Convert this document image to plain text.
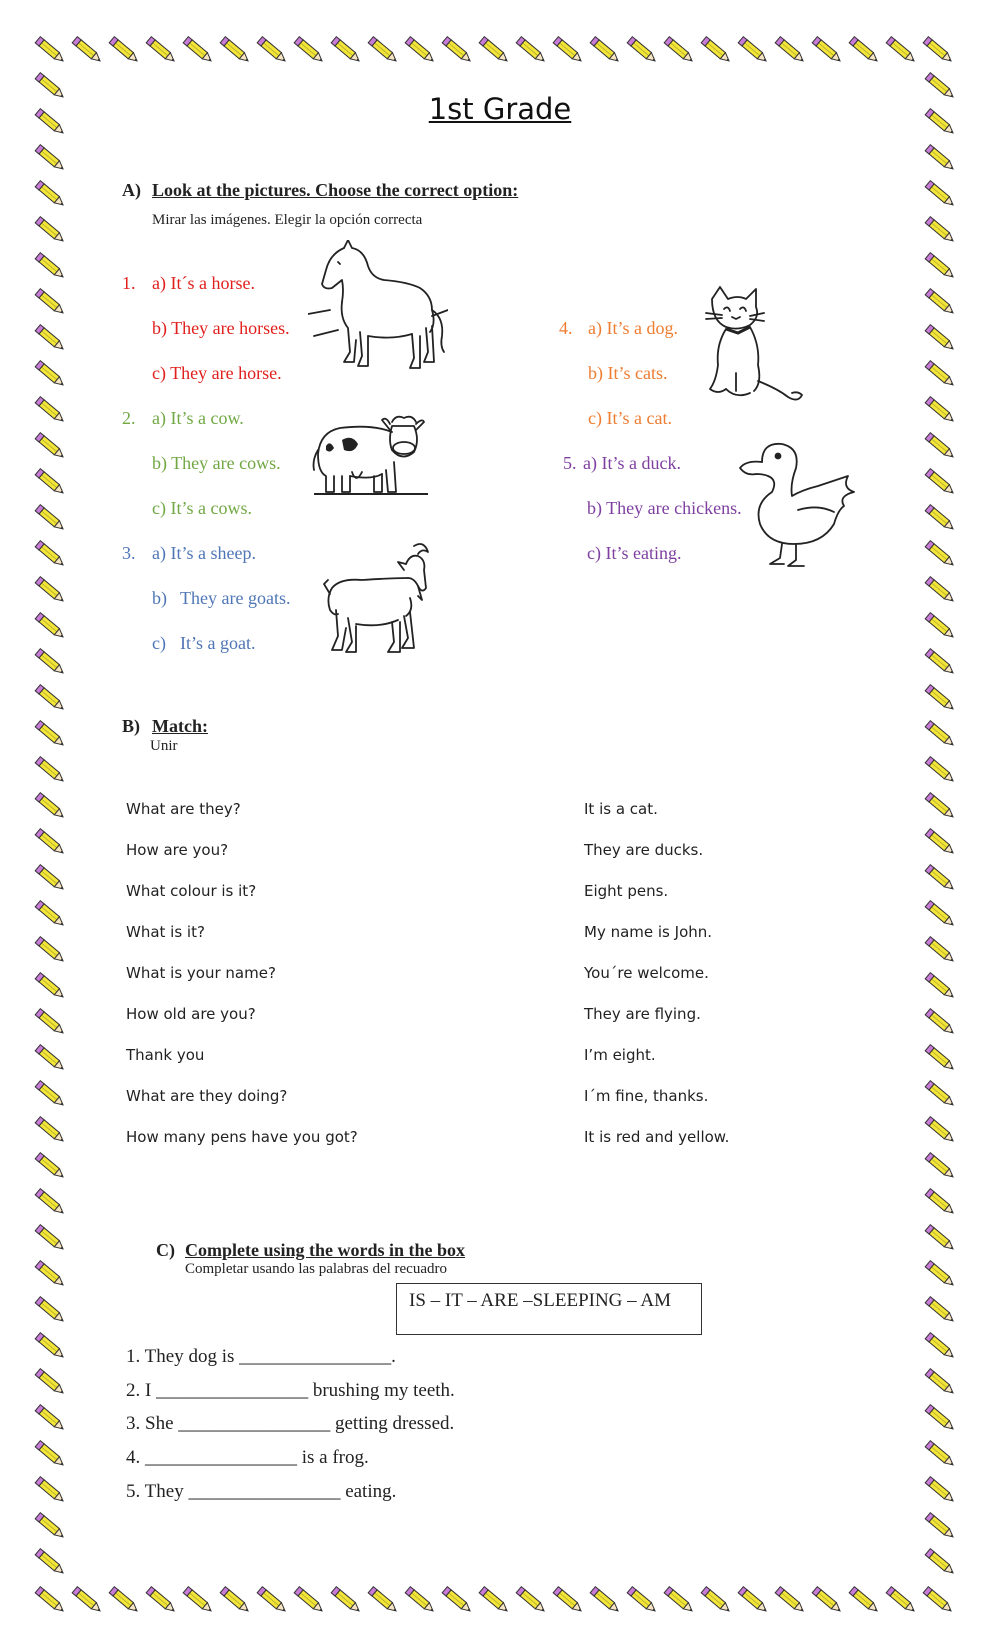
1st Grade
A) Look at the pictures. Choose the correct option:
Mirar las imágenes. Elegir la opción correcta
1. a) It´s a horse.
b) They are horses.
c) They are horse.
2. a) It’s a cow.
b) They are cows.
c) It’s a cows.
3. a) It’s a sheep.
b) They are goats.
c) It’s a goat.
4. a) It’s a dog.
b) It’s cats.
c) It’s a cat.
5. a) It’s a duck.
b) They are chickens.
c) It’s eating.
B) Match:
Unir
What are they?
How are you?
What colour is it?
What is it?
What is your name?
How old are you?
Thank you
What are they doing?
How many pens have you got?
It is a cat.
They are ducks.
Eight pens.
My name is John.
You´re welcome.
They are flying.
I’m eight.
I´m fine, thanks.
It is red and yellow.
C) Complete using the words in the box
Completar usando las palabras del recuadro
IS – IT – ARE –SLEEPING – AM
1. They dog is ________________.
2. I ________________ brushing my teeth.
3. She ________________ getting dressed.
4. ________________ is a frog.
5. They ________________ eating.
